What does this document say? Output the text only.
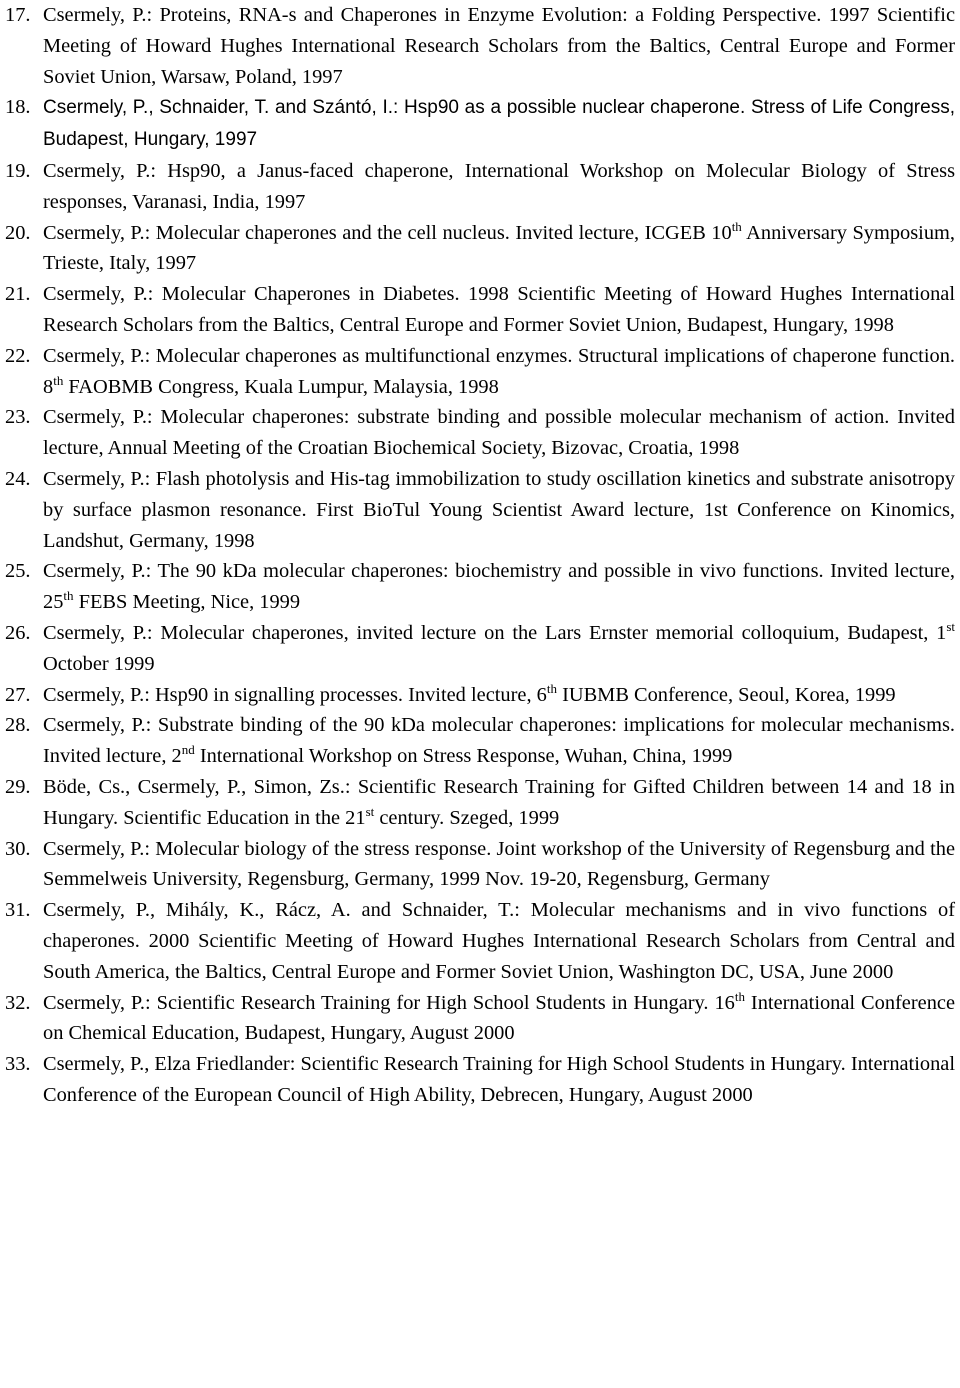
17. Csermely, P.: Proteins, RNA-s and Chaperones in Enzyme Evolution: a Folding Perspective. 1997 Scientific Meeting of Howard Hughes International Research Scholars from the Baltics, Central Europe and Former Soviet Union, Warsaw, Poland, 1997
18. Csermely, P., Schnaider, T. and Szántó, I.: Hsp90 as a possible nuclear chaperone. Stress of Life Congress, Budapest, Hungary, 1997
19. Csermely, P.: Hsp90, a Janus-faced chaperone, International Workshop on Molecular Biology of Stress responses, Varanasi, India, 1997
20. Csermely, P.: Molecular chaperones and the cell nucleus. Invited lecture, ICGEB 10th Anniversary Symposium, Trieste, Italy, 1997
21. Csermely, P.: Molecular Chaperones in Diabetes. 1998 Scientific Meeting of Howard Hughes International Research Scholars from the Baltics, Central Europe and Former Soviet Union, Budapest, Hungary, 1998
22. Csermely, P.: Molecular chaperones as multifunctional enzymes. Structural implications of chaperone function. 8th FAOBMB Congress, Kuala Lumpur, Malaysia, 1998
23. Csermely, P.: Molecular chaperones: substrate binding and possible molecular mechanism of action. Invited lecture, Annual Meeting of the Croatian Biochemical Society, Bizovac, Croatia, 1998
24. Csermely, P.: Flash photolysis and His-tag immobilization to study oscillation kinetics and substrate anisotropy by surface plasmon resonance. First BioTul Young Scientist Award lecture, 1st Conference on Kinomics, Landshut, Germany, 1998
25. Csermely, P.: The 90 kDa molecular chaperones: biochemistry and possible in vivo functions. Invited lecture, 25th FEBS Meeting, Nice, 1999
26. Csermely, P.: Molecular chaperones, invited lecture on the Lars Ernster memorial colloquium, Budapest, 1st October 1999
27. Csermely, P.: Hsp90 in signalling processes. Invited lecture, 6th IUBMB Conference, Seoul, Korea, 1999
28. Csermely, P.: Substrate binding of the 90 kDa molecular chaperones: implications for molecular mechanisms. Invited lecture, 2nd International Workshop on Stress Response, Wuhan, China, 1999
29. Böde, Cs., Csermely, P., Simon, Zs.: Scientific Research Training for Gifted Children between 14 and 18 in Hungary. Scientific Education in the 21st century. Szeged, 1999
30. Csermely, P.: Molecular biology of the stress response. Joint workshop of the University of Regensburg and the Semmelweis University, Regensburg, Germany, 1999 Nov. 19-20, Regensburg, Germany
31. Csermely, P., Mihály, K., Rácz, A. and Schnaider, T.: Molecular mechanisms and in vivo functions of chaperones. 2000 Scientific Meeting of Howard Hughes International Research Scholars from Central and South America, the Baltics, Central Europe and Former Soviet Union, Washington DC, USA, June 2000
32. Csermely, P.: Scientific Research Training for High School Students in Hungary. 16th International Conference on Chemical Education, Budapest, Hungary, August 2000
33. Csermely, P., Elza Friedlander: Scientific Research Training for High School Students in Hungary. International Conference of the European Council of High Ability, Debrecen, Hungary, August 2000
